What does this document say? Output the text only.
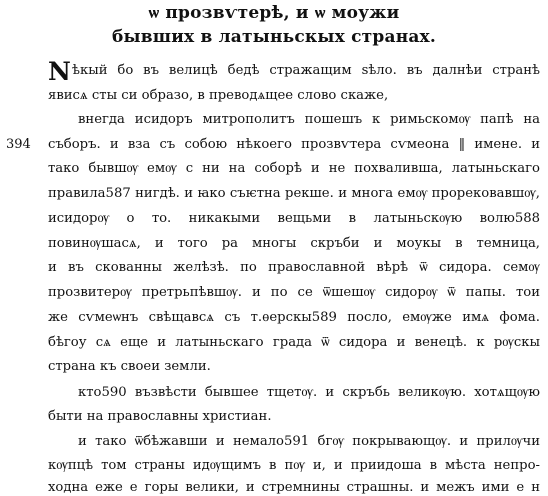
ѡ прозвѵтерѣ, и ѡ моужи
бывших в латыньскых странах.
394
N ѣкый бо въ велицѣ бедѣ стражащим ѕѣло. въ далнѣи странѣ
явисѧ сты си образо, в преводѧщее слово скаже,
внегда исидоръ митрополитъ пошешъ к римьскомѹ папѣ на
съборъ. и вза съ собою нѣкоего прозвѵтера сѵмеона ‖ имене. и
тако бывшѹ емѹ с ни на соборѣ и не похваливша, латыньскаго
правила587 нигдѣ. и ꙗко съѥтна рекше. и многа емѹ прорековавшѹ,
исидорѹ о то. никакыми вещьми в латыньскѹю волю588
повинѹшасѧ, и того ра многы скръби и моукы в темница,
и въ скованны желѣзѣ. по православной вѣрѣ ѿ сидора. семѹ
прозвитерѹ претрьпѣвшѹ. и по се ѿшешѹ сидорѹ ѿ папы. тои
же сѵмеѡнъ свѣщавсѧ съ т.ѳерскы589 посло, емѹже имѧ фома.
бѣгоу сѧ еще и латыньскаго града ѿ сидора и венецѣ. к рѹскы
страна къ своеи земли.
кто590 възвѣсти бывшее тщетѹ. и скръбь великѹю. хотѧщѹю
быти на православны христиан.
и тако ѿбѣжавши и немало591 бгѹ покрывающѹ. и прилѹчи
кѹпцѣ том страны идѹщимъ в пѹ и, и приидоша в мѣста непро-
ходна еже е горы велики, и стремнины страшны. и межъ ими е н
